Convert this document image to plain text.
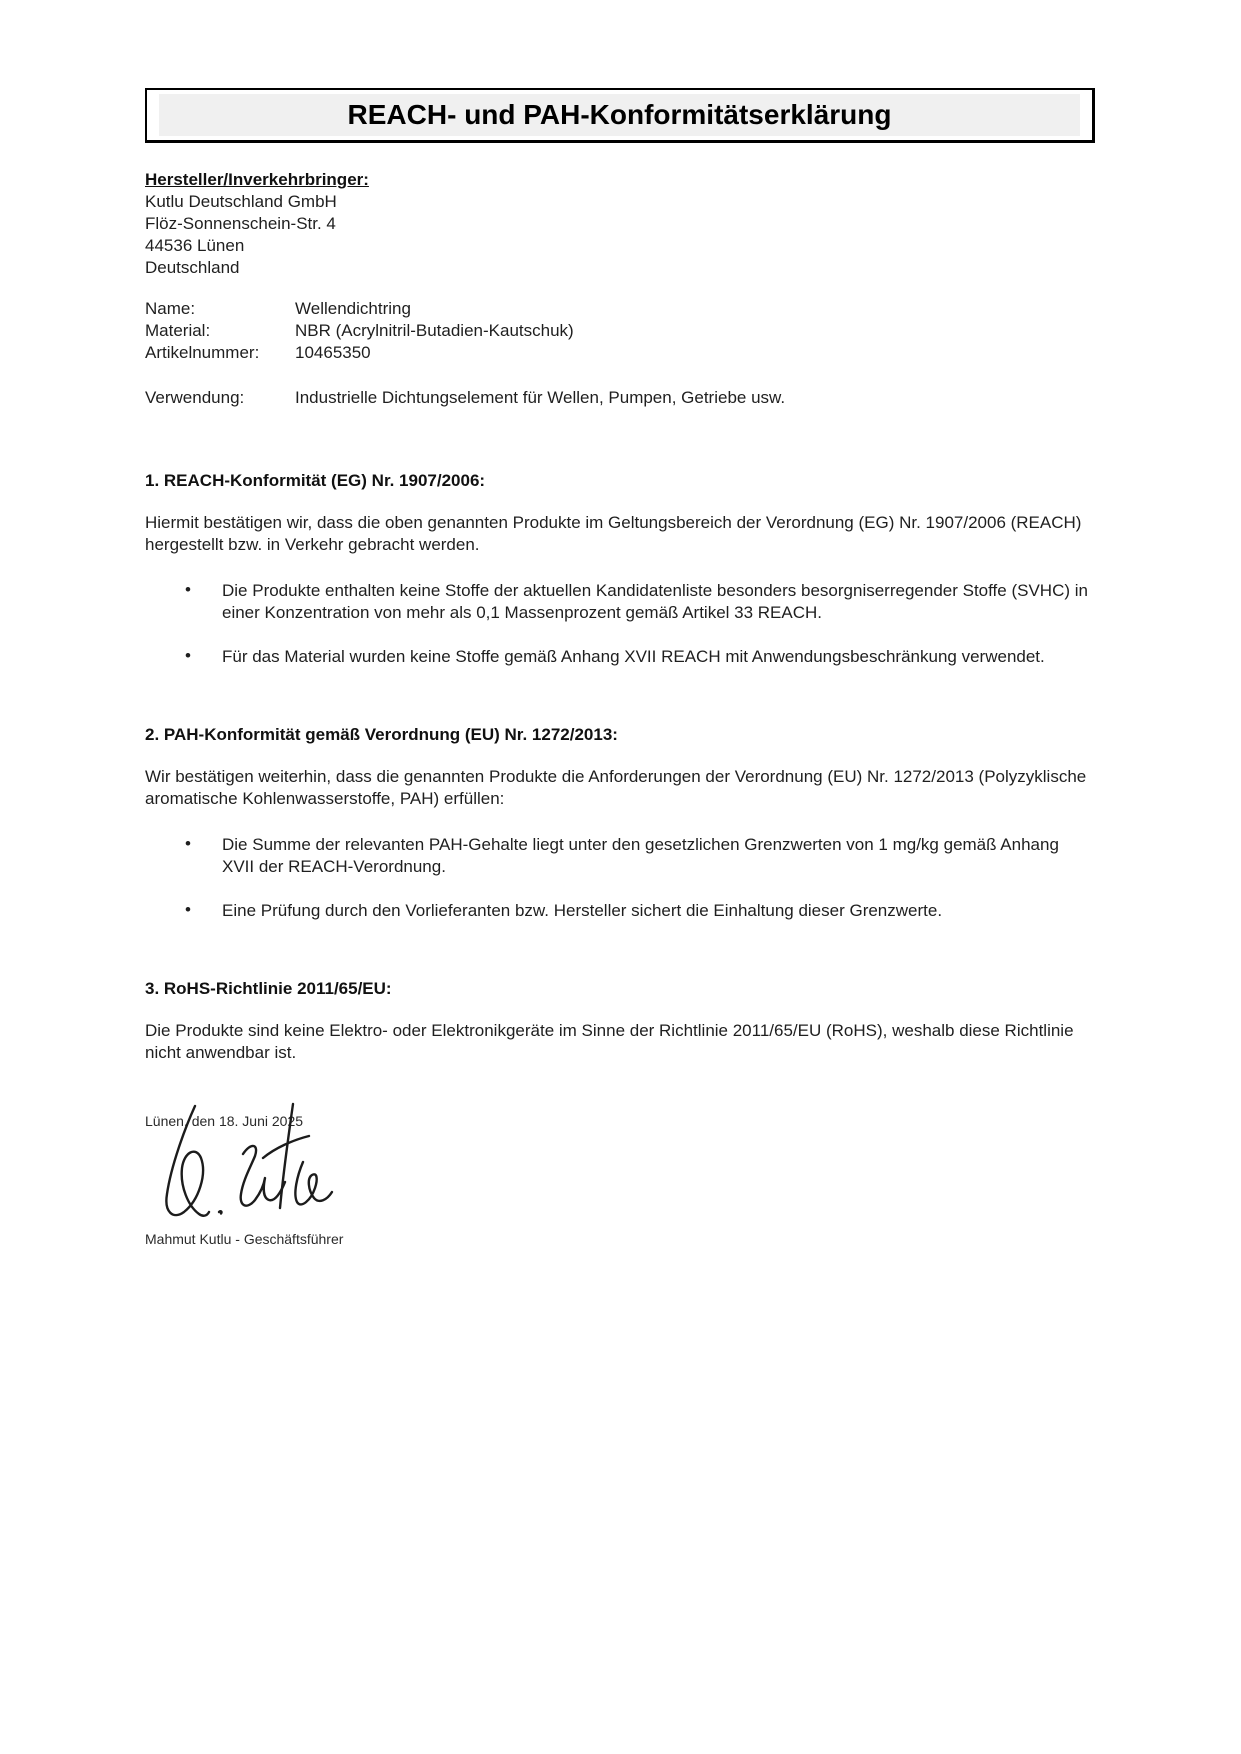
REACH- und PAH-Konformitätserklärung
Hersteller/Inverkehrbringer:
Kutlu Deutschland GmbH
Flöz-Sonnenschein-Str. 4
44536 Lünen
Deutschland
Name:	Wellendichtring
Material:	NBR (Acrylnitril-Butadien-Kautschuk)
Artikelnummer:	10465350
Verwendung:	Industrielle Dichtungselement für Wellen, Pumpen, Getriebe usw.
1. REACH-Konformität (EG) Nr. 1907/2006:
Hiermit bestätigen wir, dass die oben genannten Produkte im Geltungsbereich der Verordnung (EG) Nr. 1907/2006 (REACH) hergestellt bzw. in Verkehr gebracht werden.
• Die Produkte enthalten keine Stoffe der aktuellen Kandidatenliste besonders besorgniserregender Stoffe (SVHC) in einer Konzentration von mehr als 0,1 Massenprozent gemäß Artikel 33 REACH.
• Für das Material wurden keine Stoffe gemäß Anhang XVII REACH mit Anwendungsbeschränkung verwendet.
2. PAH-Konformität gemäß Verordnung (EU) Nr. 1272/2013:
Wir bestätigen weiterhin, dass die genannten Produkte die Anforderungen der Verordnung (EU) Nr. 1272/2013 (Polyzyklische aromatische Kohlenwasserstoffe, PAH) erfüllen:
• Die Summe der relevanten PAH-Gehalte liegt unter den gesetzlichen Grenzwerten von 1 mg/kg gemäß Anhang XVII der REACH-Verordnung.
• Eine Prüfung durch den Vorlieferanten bzw. Hersteller sichert die Einhaltung dieser Grenzwerte.
3. RoHS-Richtlinie 2011/65/EU:
Die Produkte sind keine Elektro- oder Elektronikgeräte im Sinne der Richtlinie 2011/65/EU (RoHS), weshalb diese Richtlinie nicht anwendbar ist.
Lünen, den 18. Juni 2025
Mahmut Kutlu - Geschäftsführer
